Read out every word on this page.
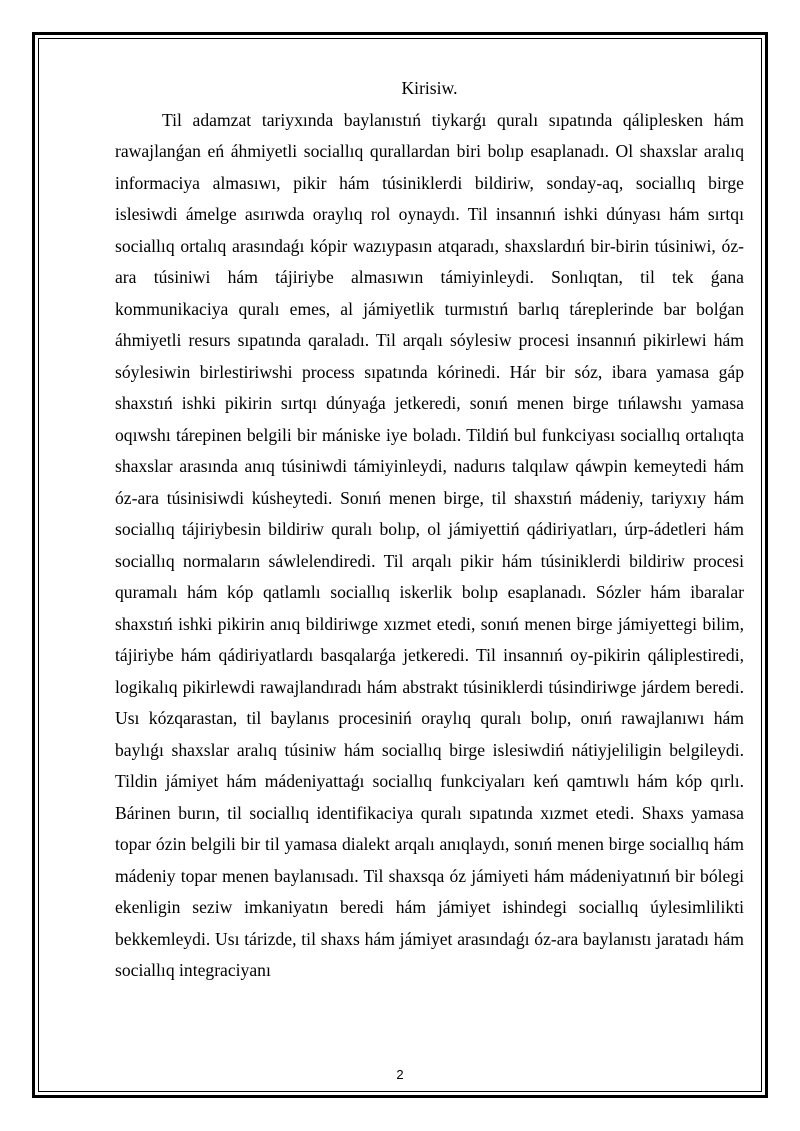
Kirisiw.

Til adamzat tariyxında baylanıstıń tiykarǵı quralı sıpatında qáliplesken hám rawajlanǵan eń áhmiyetli sociallıq qurallardan biri bolıp esaplanadı. Ol shaxslar aralıq informaciya almasıwı, pikir hám túsiniklerdi bildiriw, sonday-aq, sociallıq birge islesiwdi ámelge asırıwda oraylıq rol oynaydı. Til insannıń ishki dúnyası hám sırtqı sociallıq ortalıq arasındaǵı kópir wazıypasın atqaradı, shaxslardıń bir-birin túsiniwi, óz-ara túsiniwi hám tájiriybe almasıwın támiyinleydi. Sonlıqtan, til tek ǵana kommunikaciya quralı emes, al jámiyetlik turmıstıń barlıq táreplerinde bar bolǵan áhmiyetli resurs sıpatında qaraladı. Til arqalı sóylesiw procesi insannıń pikirlewi hám sóylesiwin birlestiriwshi process sıpatında kórinedi. Hár bir sóz, ibara yamasa gáp shaxstıń ishki pikirin sırtqı dúnyaǵa jetkeredi, sonıń menen birge tıńlawshı yamasa oqıwshı tárepinen belgili bir mániske iye boladı. Tildiń bul funkciyası sociallıq ortalıqta shaxslar arasında anıq túsiniwdi támiyinleydi, nadurıs talqılaw qáwpin kemeytedi hám óz-ara túsinisiwdi kúsheytedi. Sonıń menen birge, til shaxstıń mádeniy, tariyxıy hám sociallıq tájiriybesin bildiriw quralı bolıp, ol jámiyettiń qádiriyatları, úrp-ádetleri hám sociallıq normaların sáwlelendiredi. Til arqalı pikir hám túsiniklerdi bildiriw procesi quramalı hám kóp qatlamlı sociallıq iskerlik bolıp esaplanadı. Sózler hám ibaralar shaxstıń ishki pikirin anıq bildiriwge xızmet etedi, sonıń menen birge jámiyettegi bilim, tájiriybe hám qádiriyatlardı basqalarǵa jetkeredi. Til insannıń oy-pikirin qáliplestiredi, logikalıq pikirlewdi rawajlandıradı hám abstrakt túsiniklerdi túsindiriwge járdem beredi. Usı kózqarastan, til baylanıs procesiniń oraylıq quralı bolıp, onıń rawajlanıwı hám baylıǵı shaxslar aralıq túsiniw hám sociallıq birge islesiwdiń nátiyjeliligin belgileydi. Tildin jámiyet hám mádeniyattaǵı sociallıq funkciyaları keń qamtıwlı hám kóp qırlı. Bárinen burın, til sociallıq identifikaciya quralı sıpatında xızmet etedi. Shaxs yamasa topar ózin belgili bir til yamasa dialekt arqalı anıqlaydı, sonıń menen birge sociallıq hám mádeniy topar menen baylanısadı. Til shaxsqa óz jámiyeti hám mádeniyatınıń bir bólegi ekenligin seziw imkaniyatın beredi hám jámiyet ishindegi sociallıq úylesimlilikti bekkemleydi. Usı tárizde, til shaxs hám jámiyet arasındaǵı óz-ara baylanıstı jaratadı hám sociallıq integraciyanı

2
